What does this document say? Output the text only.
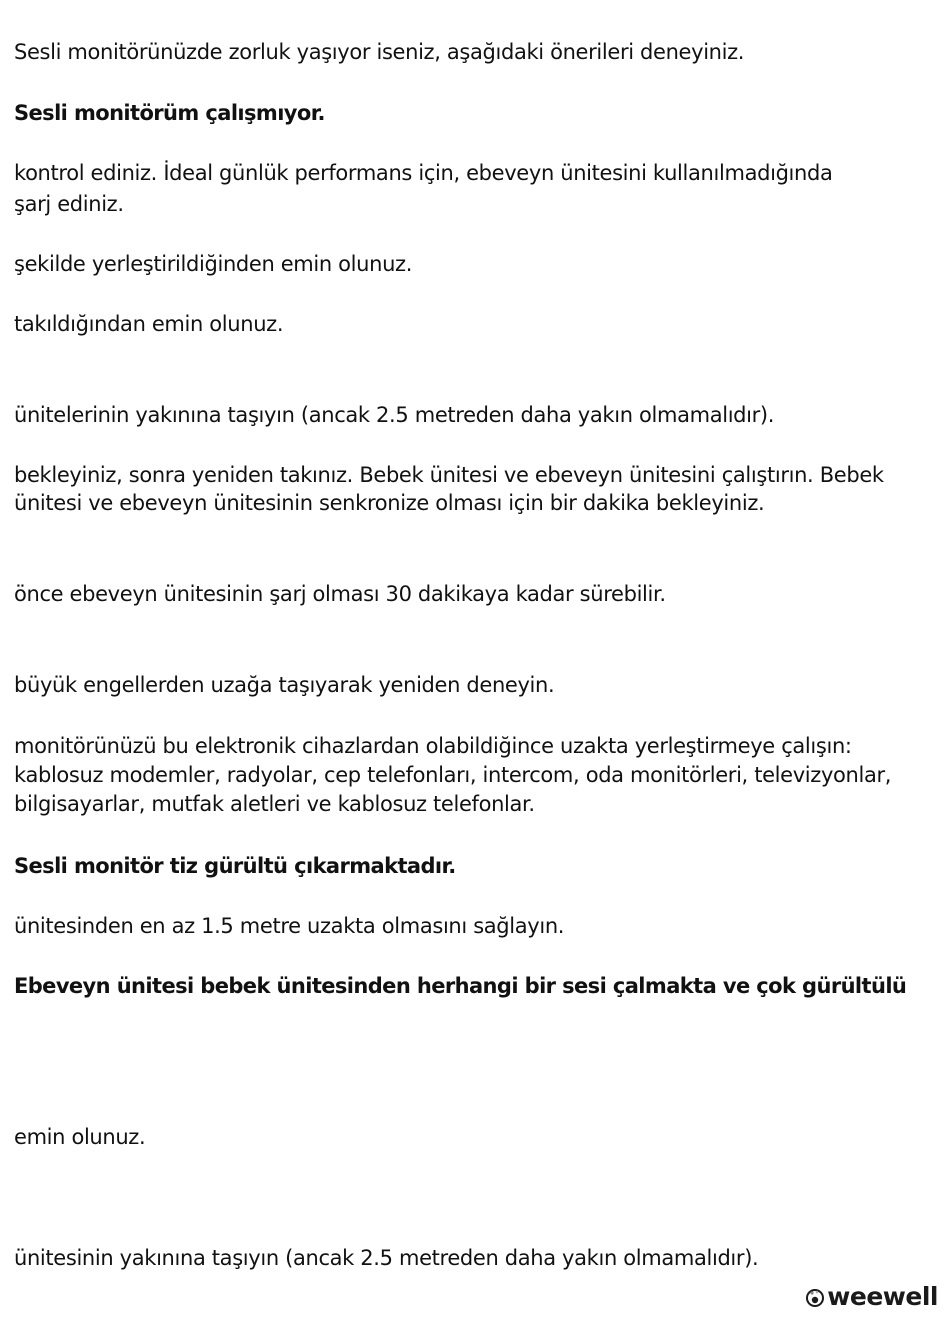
Sesli monitörünüzde zorluk yaşıyor iseniz, aşağıdaki önerileri deneyiniz.
Sesli monitörüm çalışmıyor.
kontrol ediniz. İdeal günlük performans için, ebeveyn ünitesini kullanılmadığında
şarj ediniz.
şekilde yerleştirildiğinden emin olunuz.
takıldığından emin olunuz.
ünitelerinin yakınına taşıyın (ancak 2.5 metreden daha yakın olmamalıdır).
bekleyiniz, sonra yeniden takınız. Bebek ünitesi ve ebeveyn ünitesini çalıştırın. Bebek
ünitesi ve ebeveyn ünitesinin senkronize olması için bir dakika bekleyiniz.
önce ebeveyn ünitesinin şarj olması 30 dakikaya kadar sürebilir.
büyük engellerden uzağa taşıyarak yeniden deneyin.
monitörünüzü bu elektronik cihazlardan olabildiğince uzakta yerleştirmeye çalışın:
kablosuz modemler, radyolar, cep telefonları, intercom, oda monitörleri, televizyonlar,
bilgisayarlar, mutfak aletleri ve kablosuz telefonlar.
Sesli monitör tiz gürültü çıkarmaktadır.
ünitesinden en az 1.5 metre uzakta olmasını sağlayın.
Ebeveyn ünitesi bebek ünitesinden herhangi bir sesi çalmakta ve çok gürültülü
emin olunuz.
ünitesinin yakınına taşıyın (ancak 2.5 metreden daha yakın olmamalıdır).
weewell
